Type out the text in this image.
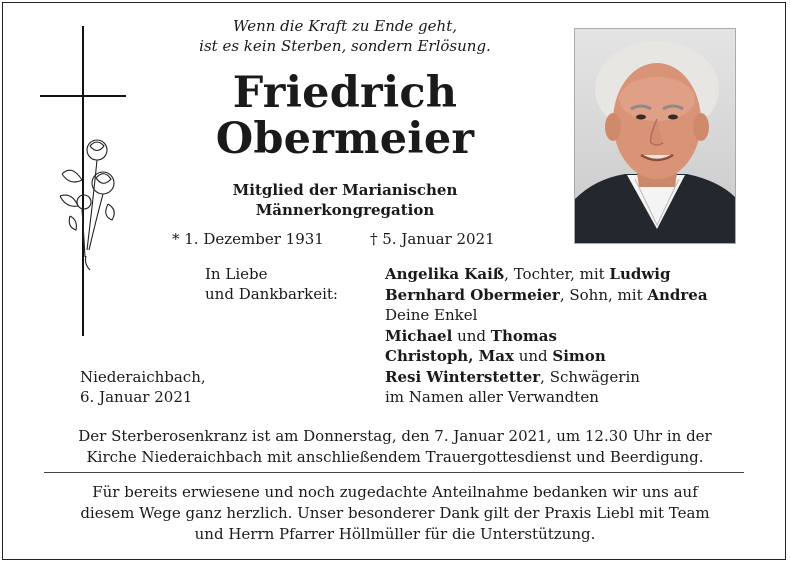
Wenn die Kraft zu Ende geht,
ist es kein Sterben, sondern Erlösung.
Friedrich
Obermeier
Mitglied der Marianischen
Männerkongregation
* 1. Dezember 1931	† 5. Januar 2021
In Liebe
und Dankbarkeit:
Angelika Kaiß, Tochter, mit Ludwig
Bernhard Obermeier, Sohn, mit Andrea
Deine Enkel
Michael und Thomas
Christoph, Max und Simon
Resi Winterstetter, Schwägerin
im Namen aller Verwandten
Niederaichbach,
6. Januar 2021
Der Sterberosenkranz ist am Donnerstag, den 7. Januar 2021, um 12.30 Uhr in der
Kirche Niederaichbach mit anschließendem Trauergottesdienst und Beerdigung.
Für bereits erwiesene und noch zugedachte Anteilnahme bedanken wir uns auf
diesem Wege ganz herzlich. Unser besonderer Dank gilt der Praxis Liebl mit Team
und Herrn Pfarrer Höllmüller für die Unterstützung.
